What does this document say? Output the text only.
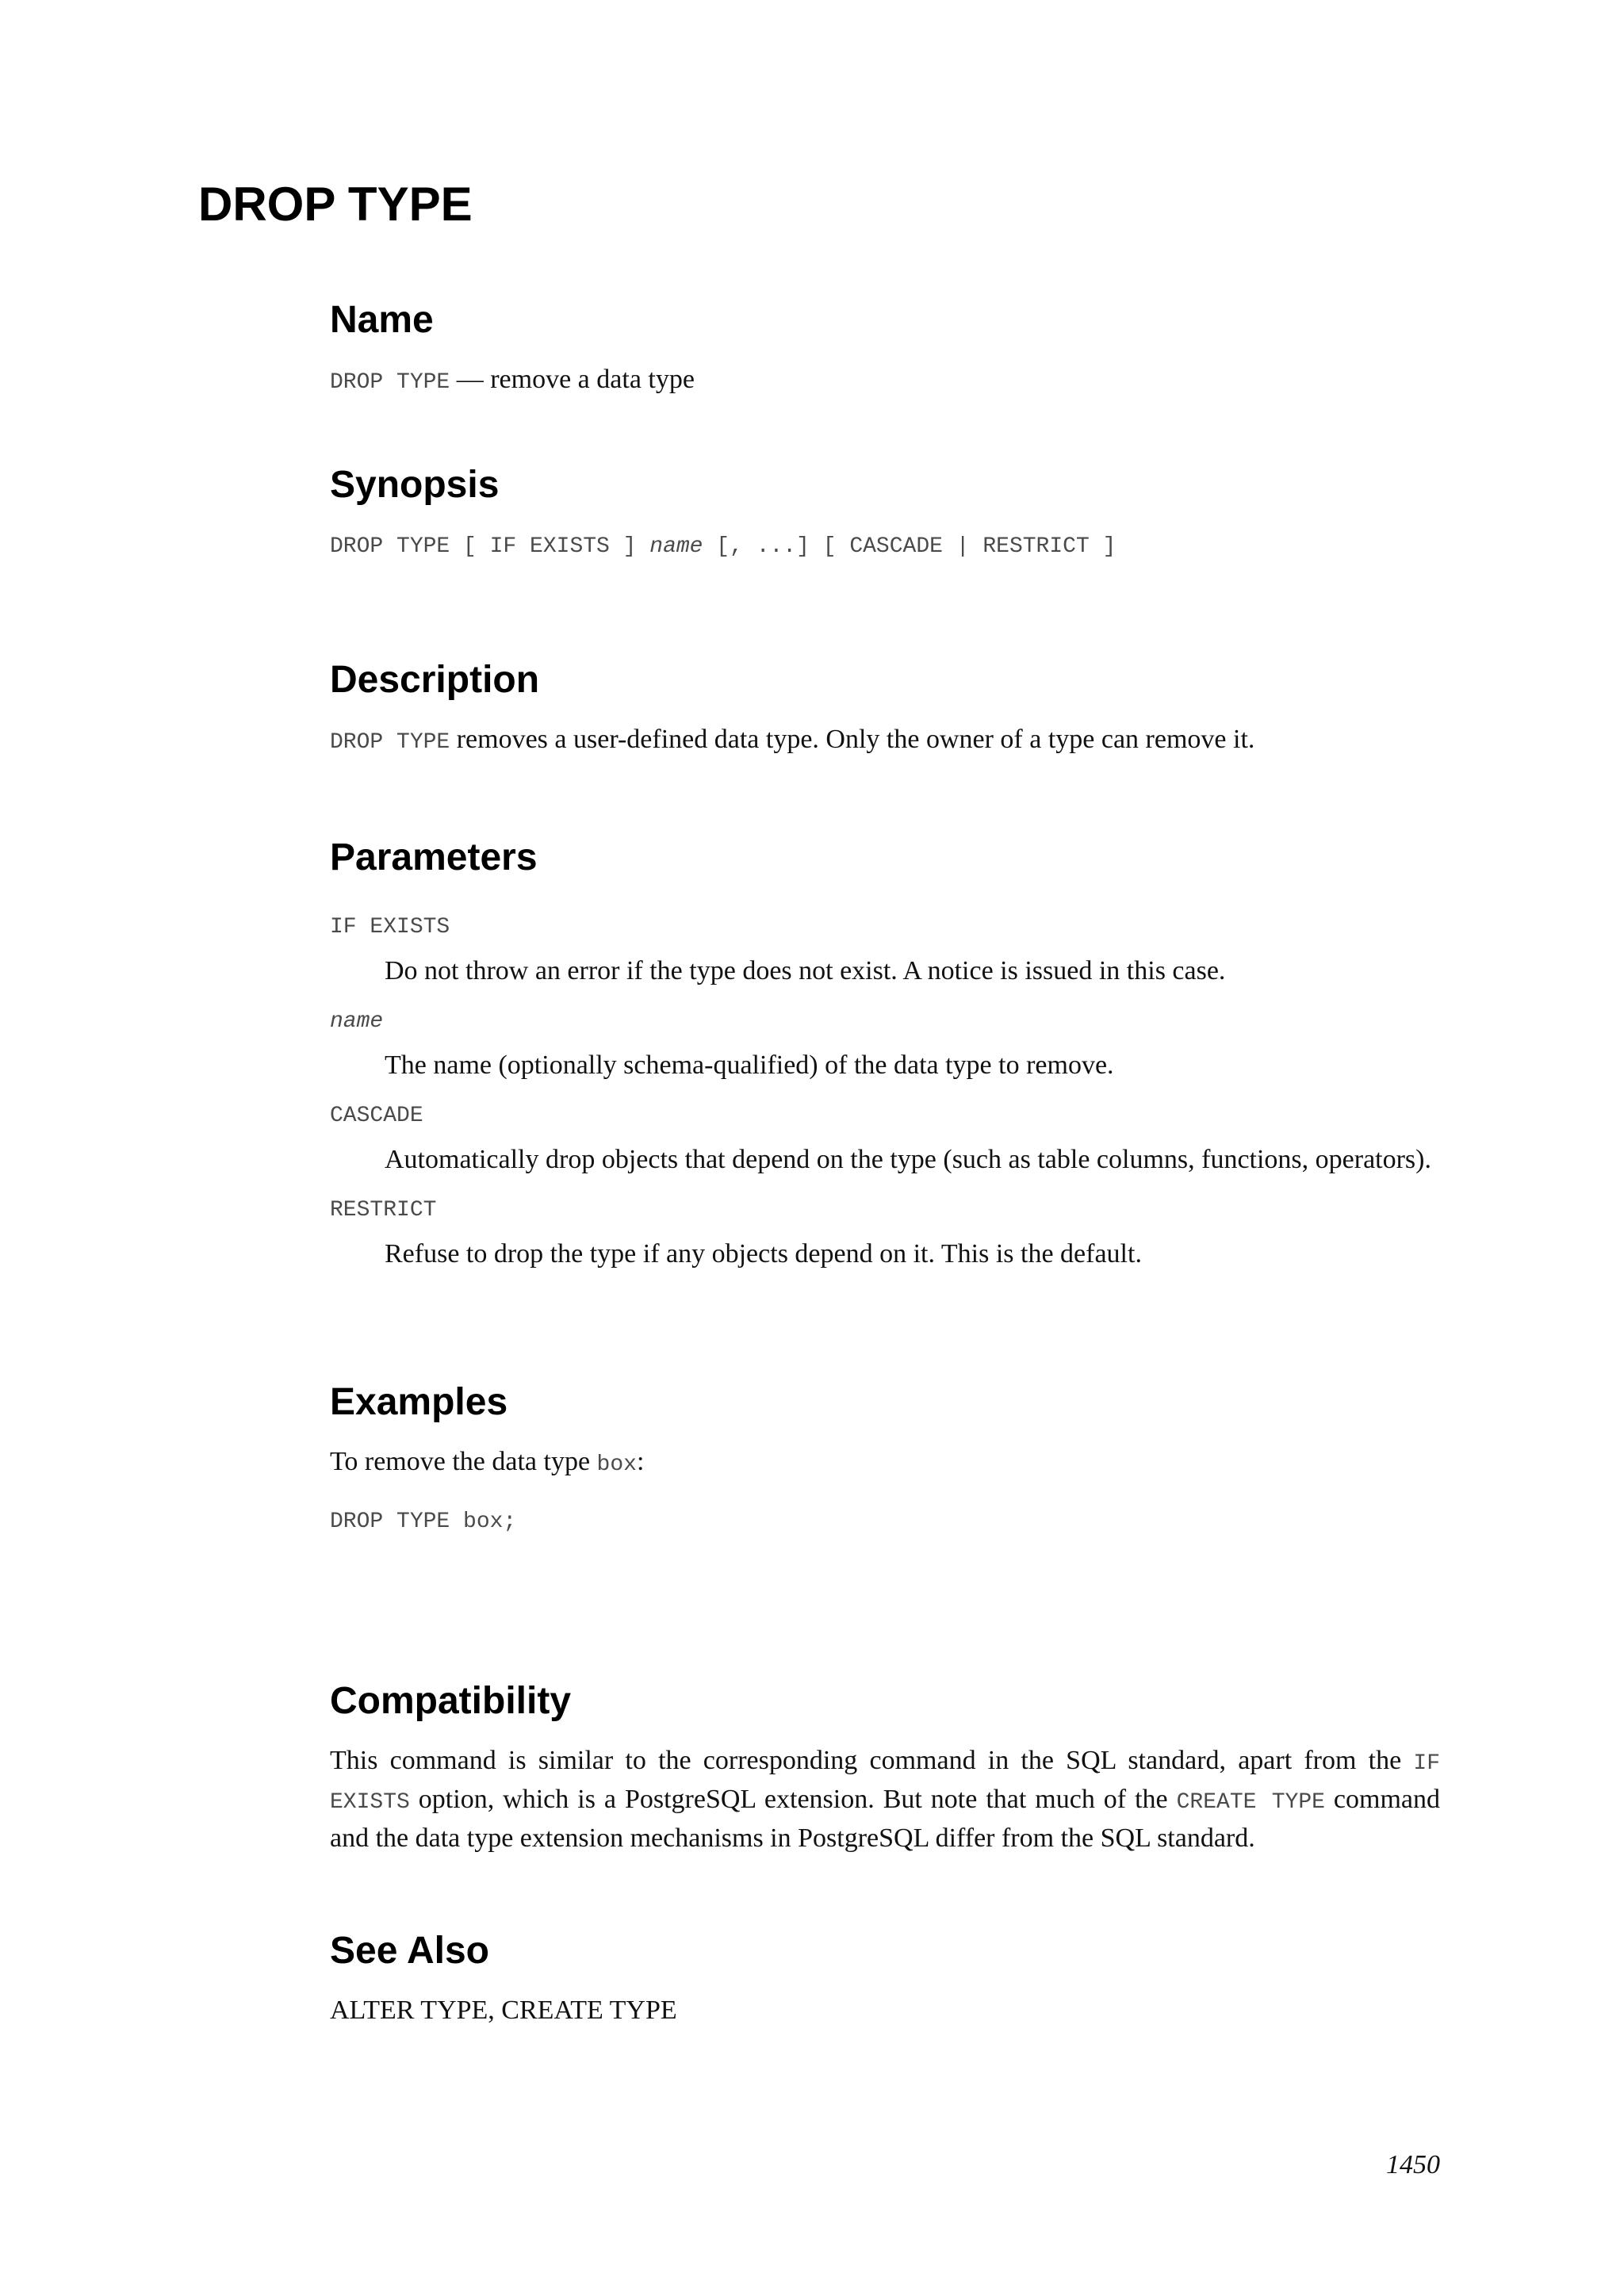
DROP TYPE
Name

DROP TYPE — remove a data type

Synopsis

DROP TYPE [ IF EXISTS ] name [, ...] [ CASCADE | RESTRICT ]

Description

DROP TYPE removes a user-defined data type. Only the owner of a type can remove it.

Parameters

IF EXISTS

Do not throw an error if the type does not exist. A notice is issued in this case.

name

The name (optionally schema-qualified) of the data type to remove.

CASCADE

Automatically drop objects that depend on the type (such as table columns, functions, operators).

RESTRICT

Refuse to drop the type if any objects depend on it. This is the default.

Examples

To remove the data type box:

DROP TYPE box;

Compatibility

This command is similar to the corresponding command in the SQL standard, apart from the IF EXISTS option, which is a PostgreSQL extension. But note that much of the CREATE TYPE command and the data type extension mechanisms in PostgreSQL differ from the SQL standard.

See Also

ALTER TYPE, CREATE TYPE

1450
